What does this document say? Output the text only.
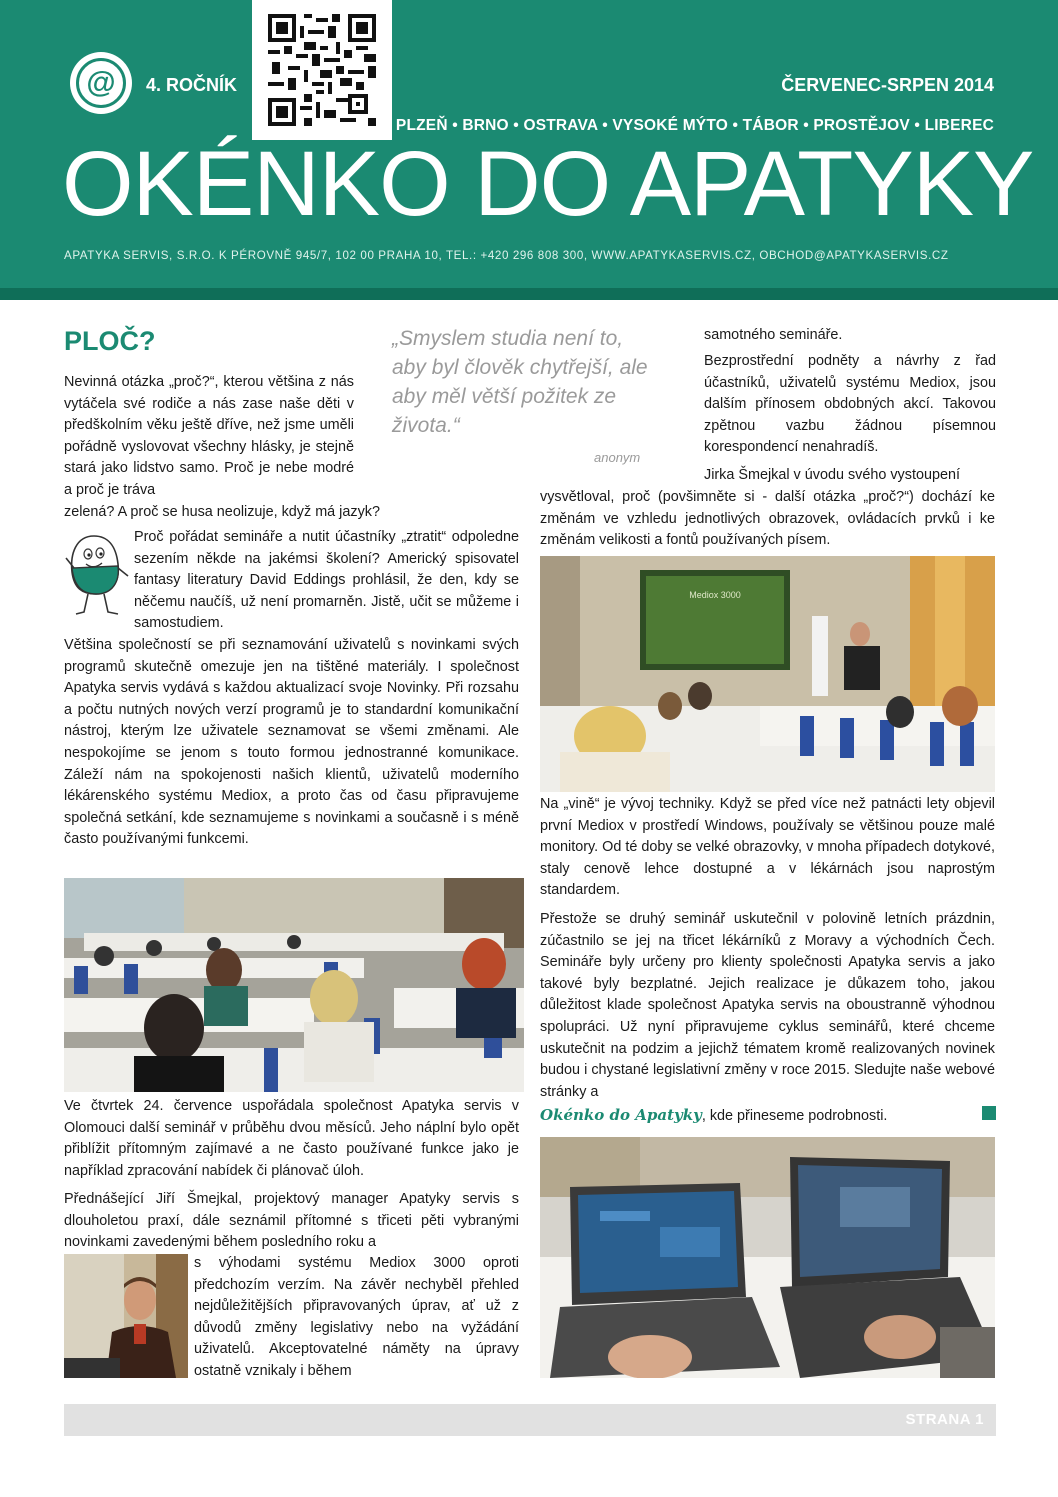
@	4. ROČNÍK	ČERVENEC-SRPEN 2014
PLZEŇ • BRNO • OSTRAVA • VYSOKÉ MÝTO • TÁBOR • PROSTĚJOV • LIBEREC
OKÉNKO DO APATYKY
APATYKA SERVIS, S.R.O. K PÉROVNĚ 945/7, 102 00 PRAHA 10, TEL.: +420 296 808 300, WWW.APATYKASERVIS.CZ, OBCHOD@APATYKASERVIS.CZ
PLOČ?	„Smyslem studia není to, aby byl člověk chytřejší, ale aby měl větší požitek ze života.“
anonym
Nevinná otázka „proč?“, kterou většina z nás vytáčela své rodiče a nás zase naše děti v předškolním věku ještě dříve, než jsme uměli pořádně vyslovovat všechny hlásky, je stejně stará jako lidstvo samo. Proč je nebe modré a proč je tráva
zelená? A proč se husa neolizuje, když má jazyk?
Proč pořádat semináře a nutit účastníky „ztratit“ odpoledne sezením někde na jakémsi školení? Americký spisovatel fantasy literatury David Eddings prohlásil, že den, kdy se něčemu naučíš, už není promarněn. Jistě, učit se můžeme i samostudiem.
Většina společností se při seznamování uživatelů s novinkami svých programů skutečně omezuje jen na tištěné materiály. I společnost Apatyka servis vydává s každou aktualizací svoje Novinky. Při rozsahu a počtu nutných nových verzí programů je to standardní komunikační nástroj, kterým lze uživatele seznamovat se všemi změnami. Ale nespokojíme se jenom s touto formou jednostranné komunikace. Záleží nám na spokojenosti našich klientů, uživatelů moderního lékárenského systému Mediox, a proto čas od času připravujeme společná setkání, kde seznamujeme s novinkami a současně i s méně často používanými funkcemi.
Ve čtvrtek 24. července uspořádala společnost Apatyka servis v Olomouci další seminář v průběhu dvou měsíců. Jeho náplní bylo opět přiblížit přítomným zajímavé a ne často používané funkce jako je například zpracování nabídek či plánovač úloh.
Přednášející Jiří Šmejkal, projektový manager Apatyky servis s dlouholetou praxí, dále seznámil přítomné s třiceti pěti vybranými novinkami zavedenými během posledního roku a
s výhodami systému Mediox 3000 oproti předchozím verzím. Na závěr nechyběl přehled nejdůležitějších připravovaných úprav, ať už z důvodů změny legislativy nebo na vyžádání uživatelů. Akceptovatelné náměty na úpravy ostatně vznikaly i během
samotného semináře.
Bezprostřední podněty a návrhy z řad účastníků, uživatelů systému Mediox, jsou dalším přínosem obdobných akcí. Takovou zpětnou vazbu žádnou písemnou korespondencí nenahradíš.
Jirka Šmejkal v úvodu svého vystoupení
vysvětloval, proč (povšimněte si - další otázka „proč?“) dochází ke změnám ve vzhledu jednotlivých obrazovek, ovládacích prvků i ke změnám velikosti a fontů používaných písem.
Mediox 3000
Na „vině“ je vývoj techniky. Když se před více než patnácti lety objevil první Mediox v prostředí Windows, používaly se většinou pouze malé monitory. Od té doby se velké obrazovky, v mnoha případech dotykové, staly cenově lehce dostupné a v lékárnách jsou naprostým standardem.
Přestože se druhý seminář uskutečnil v polovině letních prázdnin, zúčastnilo se jej na třicet lékárníků z Moravy a východních Čech. Semináře byly určeny pro klienty společnosti Apatyka servis a jako takové byly bezplatné. Jejich realizace je důkazem toho, jakou důležitost klade společnost Apatyka servis na oboustranně výhodnou spolupráci. Už nyní připravujeme cyklus seminářů, které chceme uskutečnit na podzim a jejichž tématem kromě realizovaných novinek budou i chystané legislativní změny v roce 2015. Sledujte naše webové stránky a
Okénko do Apatyky, kde přineseme podrobnosti.
STRANA 1
